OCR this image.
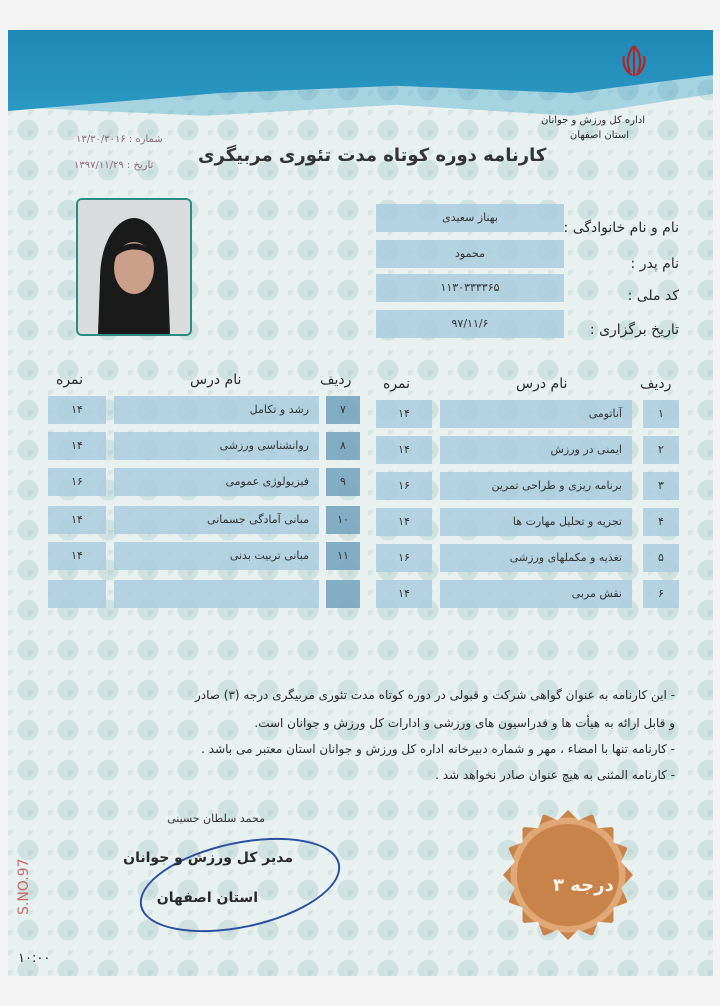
اداره کل ورزش و جوانان
استان اصفهان
کارنامه دوره کوتاه مدت تئوری مربیگری
شماره : ۱۳/۳۰/۳۰۱۶
تاریخ : ۱۳۹۷/۱۱/۲۹
نام و نام خانوادگی :
بهناز سعیدی
نام پدر :
محمود
کد ملی :
۱۱۳۰۳۳۳۳۶۵
تاریخ برگزاری :
۹۷/۱۱/۶
ردیف
نام درس
نمره
ردیف
نام درس
نمره
۱
آناتومی
۱۴
۲
ایمنی در ورزش
۱۴
۳
برنامه ریزی و طراحی تمرین
۱۶
۴
تجزیه و تحلیل مهارت ها
۱۴
۵
تغذیه و مکملهای ورزشی
۱۶
۶
نقش مربی
۱۴
۷
رشد و تکامل
۱۴
۸
روانشناسی ورزشی
۱۴
۹
فیزیولوژی عمومی
۱۶
۱۰
مبانی آمادگی جسمانی
۱۴
۱۱
مبانی تربیت بدنی
۱۴
- این کارنامه به عنوان گواهی شرکت و قبولی در دوره کوتاه مدت تئوری مربیگری درجه (۳) صادر
و قابل ارائه به هیأت ها و فدراسیون های ورزشی و ادارات کل ورزش و جوانان است.
- کارنامه تنها با امضاء ، مهر و شماره دبیرخانه اداره کل ورزش و جوانان استان معتبر می باشد .
- کارنامه المثنی به هیچ عنوان صادر نخواهد شد .
محمد سلطان حسینی
مدیر کل ورزش و جوانان
استان اصفهان
S.NO.97	درجه ۳
۱۰:۰۰
